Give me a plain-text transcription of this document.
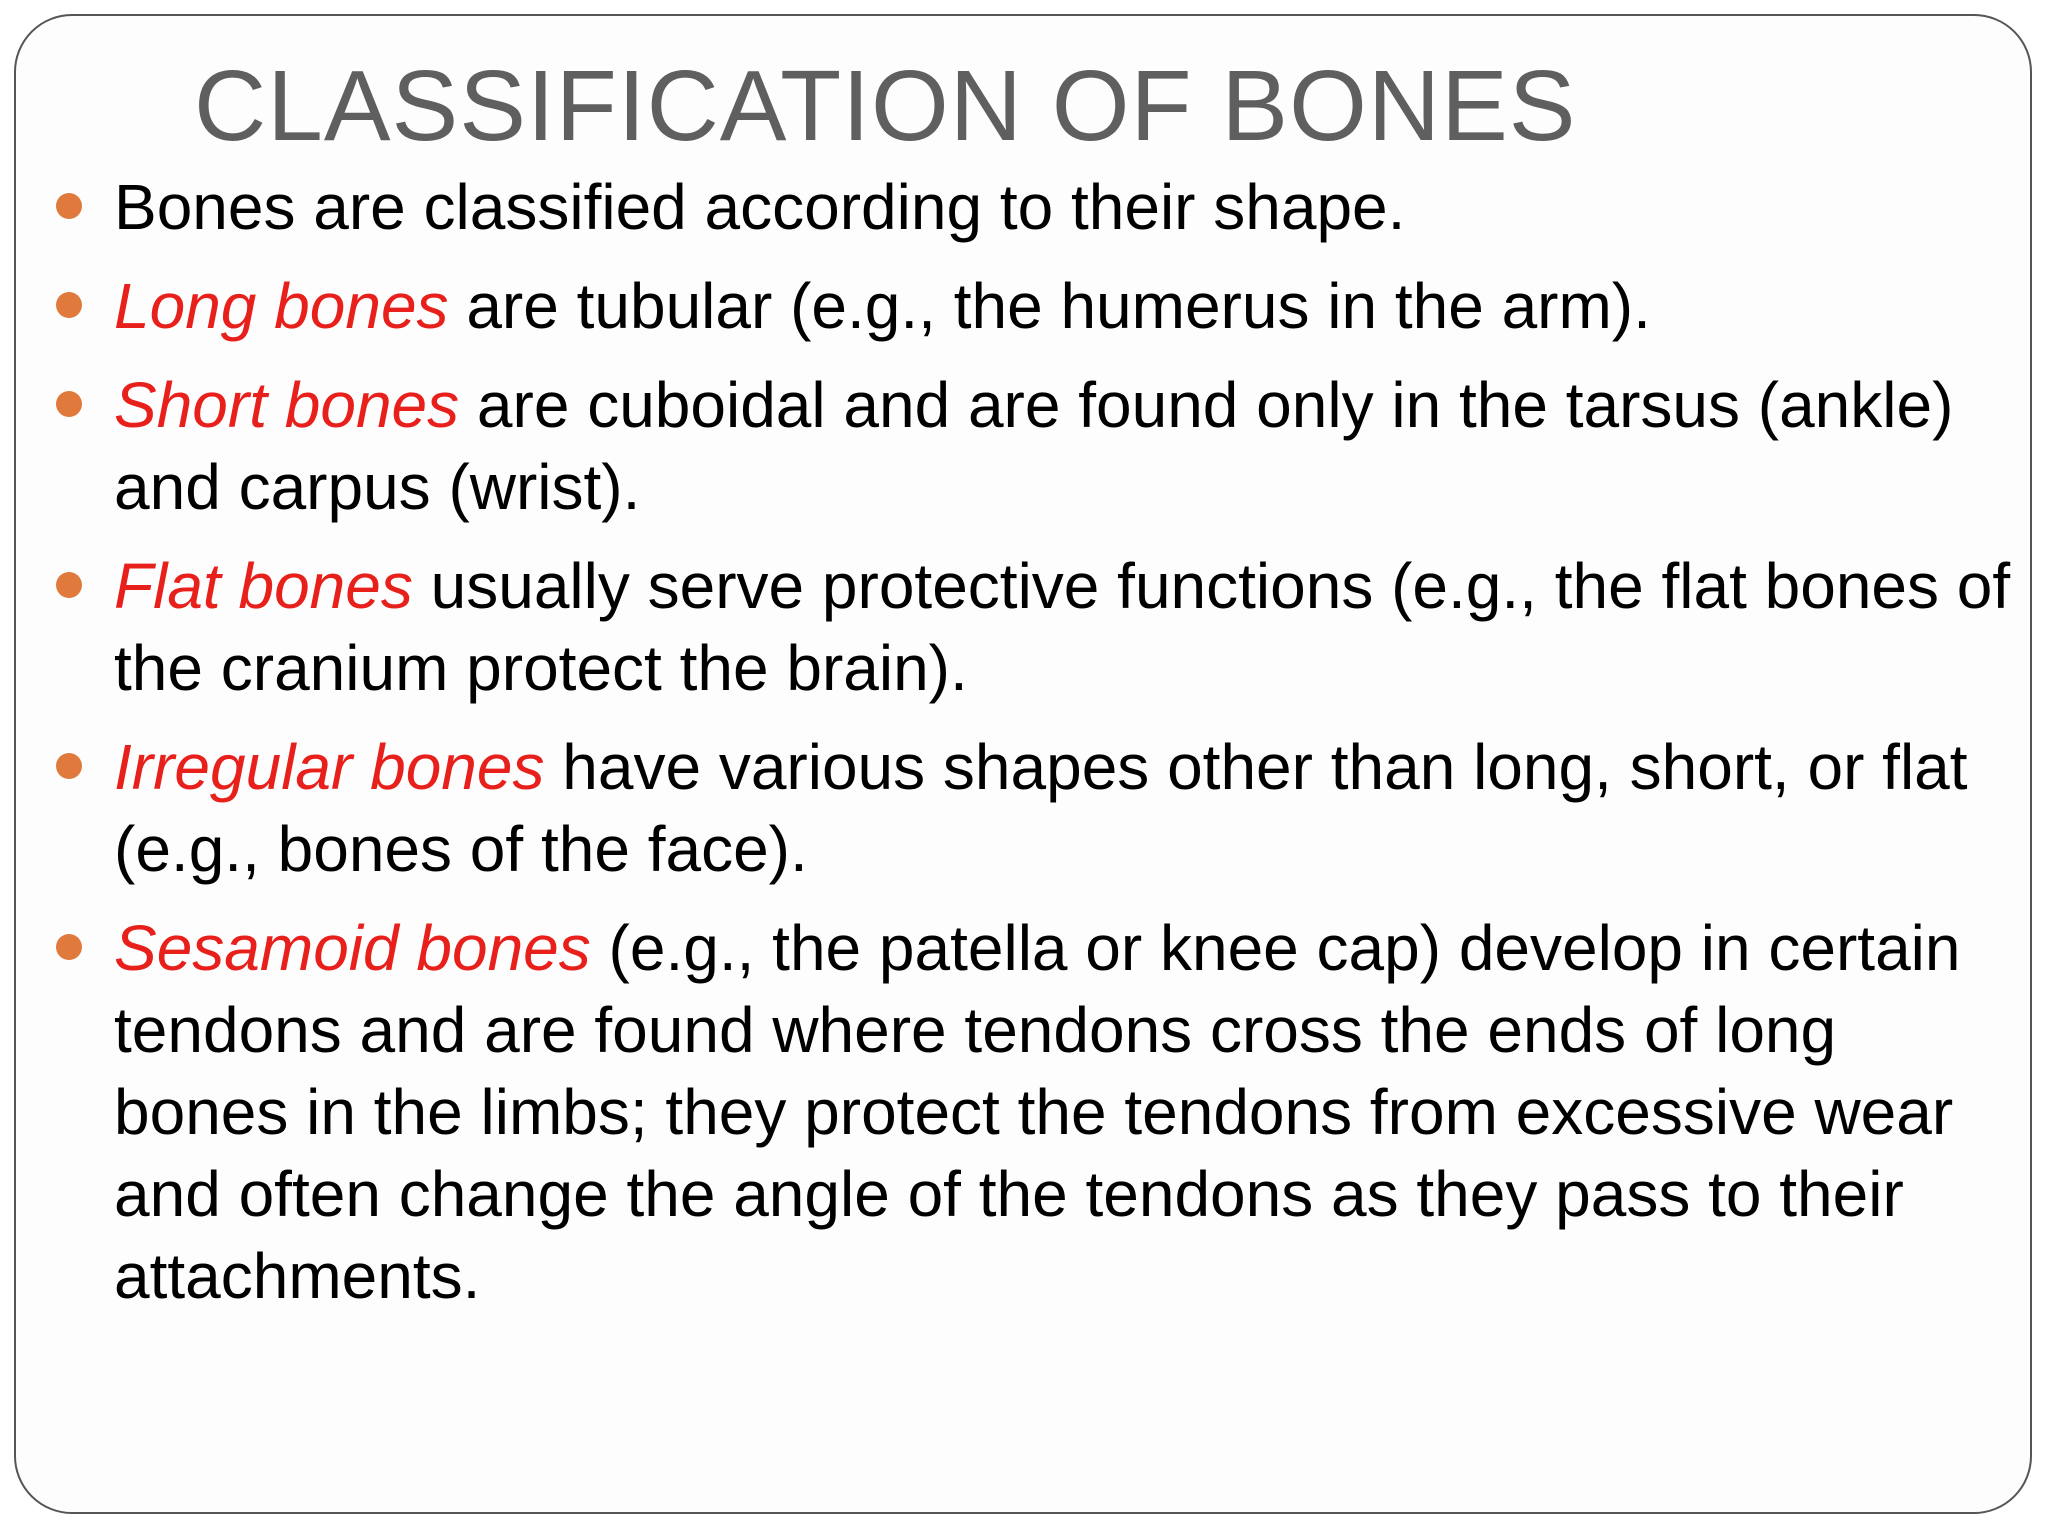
CLASSIFICATION OF BONES
Bones are classified according to their shape.
Long bones are tubular (e.g., the humerus in the arm).
Short bones are cuboidal and are found only in the tarsus (ankle) and carpus (wrist).
Flat bones usually serve protective functions (e.g., the flat bones of the cranium protect the brain).
Irregular bones have various shapes other than long, short, or flat (e.g., bones of the face).
Sesamoid bones (e.g., the patella or knee cap) develop in certain tendons and are found where tendons cross the ends of long bones in the limbs; they protect the tendons from excessive wear and often change the angle of the tendons as they pass to their attachments.
